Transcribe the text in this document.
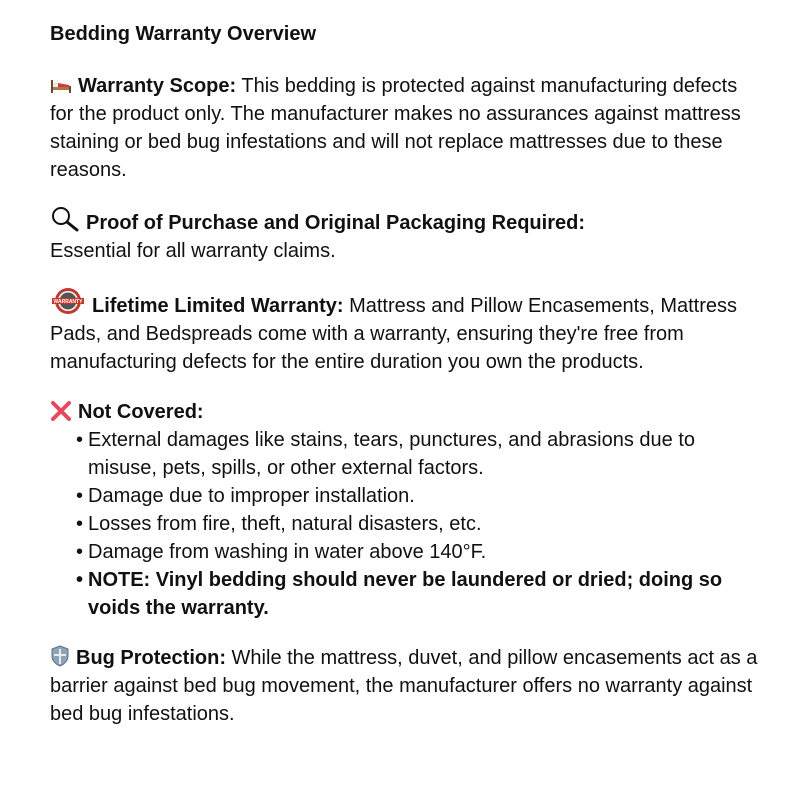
Bedding Warranty Overview
Warranty Scope: This bedding is protected against manufacturing defects for the product only. The manufacturer makes no assurances against mattress staining or bed bug infestations and will not replace mattresses due to these reasons.
Proof of Purchase and Original Packaging Required:
Essential for all warranty claims.
WARRANTY Lifetime Limited Warranty: Mattress and Pillow Encasements, Mattress Pads, and Bedspreads come with a warranty, ensuring they're free from manufacturing defects for the entire duration you own the products.
Not Covered:
• External damages like stains, tears, punctures, and abrasions due to misuse, pets, spills, or other external factors.
• Damage due to improper installation.
• Losses from fire, theft, natural disasters, etc.
• Damage from washing in water above 140°F.
• NOTE: Vinyl bedding should never be laundered or dried; doing so voids the warranty.
Bug Protection: While the mattress, duvet, and pillow encasements act as a barrier against bed bug movement, the manufacturer offers no warranty against bed bug infestations.
